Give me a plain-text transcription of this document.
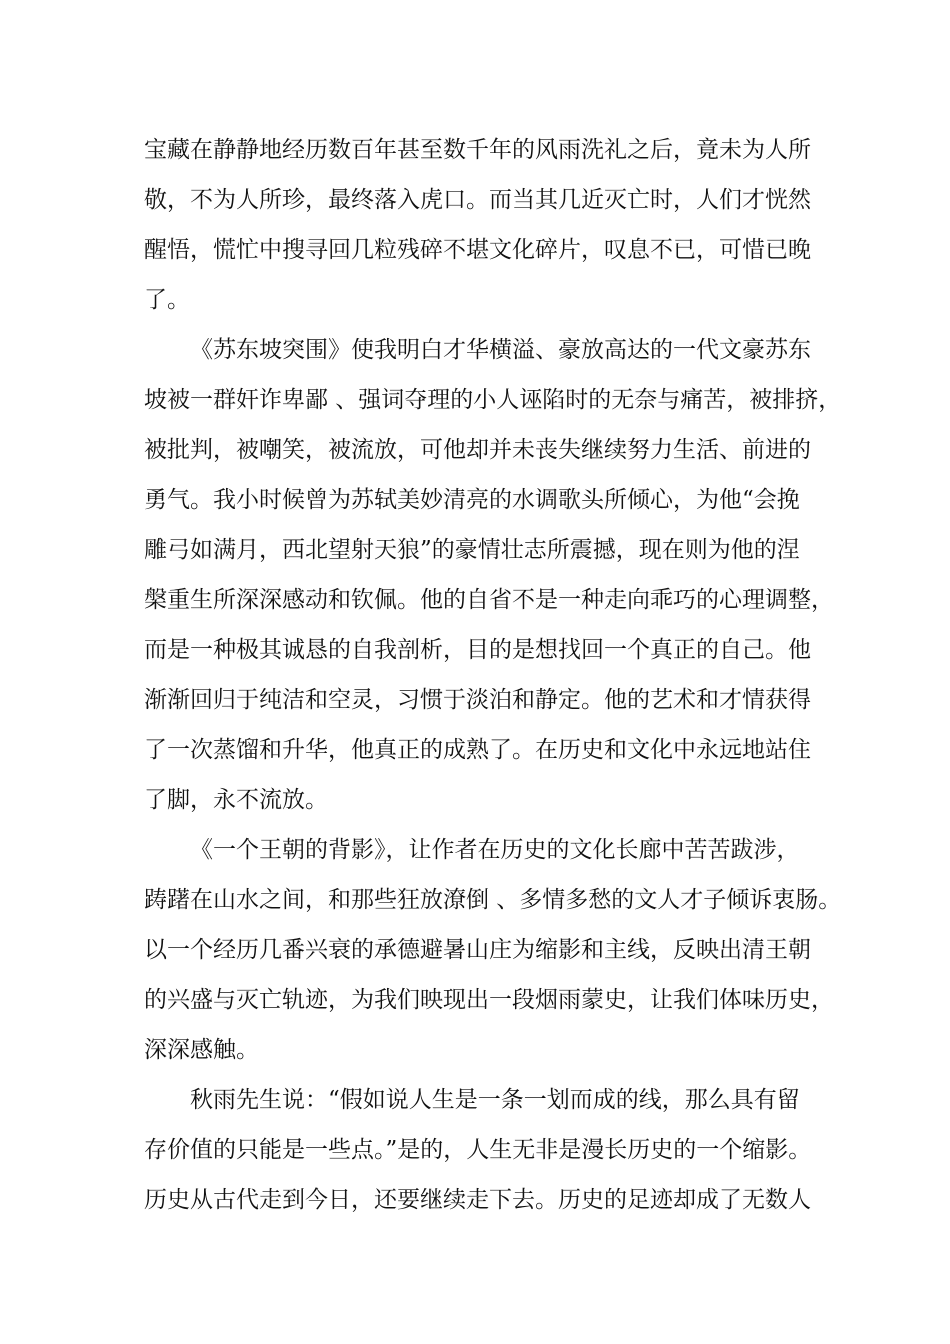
宝藏在静静地经历数百年甚至数千年的风雨洗礼之后，竟未为人所
敬，不为人所珍，最终落入虎口。而当其几近灭亡时，人们才恍然
醒悟，慌忙中搜寻回几粒残碎不堪文化碎片，叹息不已，可惜已晚
了。
《苏东坡突围》使我明白才华横溢、豪放高达的一代文豪苏东
坡被一群奸诈卑鄙 、强词夺理的小人诬陷时的无奈与痛苦，被排挤，
被批判，被嘲笑，被流放，可他却并未丧失继续努力生活、前进的
勇气。我小时候曾为苏轼美妙清亮的水调歌头所倾心，为他“会挽
雕弓如满月，西北望射天狼”的豪情壮志所震撼，现在则为他的涅
槃重生所深深感动和钦佩。他的自省不是一种走向乖巧的心理调整，
而是一种极其诚恳的自我剖析，目的是想找回一个真正的自己。他
渐渐回归于纯洁和空灵，习惯于淡泊和静定。他的艺术和才情获得
了一次蒸馏和升华，他真正的成熟了。在历史和文化中永远地站住
了脚，永不流放。
《一个王朝的背影》，让作者在历史的文化长廊中苦苦跋涉，
踌躇在山水之间，和那些狂放潦倒 、多情多愁的文人才子倾诉衷肠。
以一个经历几番兴衰的承德避暑山庄为缩影和主线，反映出清王朝
的兴盛与灭亡轨迹，为我们映现出一段烟雨蒙史，让我们体味历史，
深深感触。
秋雨先生说：“假如说人生是一条一划而成的线，那么具有留
存价值的只能是一些点。”是的，人生无非是漫长历史的一个缩影。
历史从古代走到今日，还要继续走下去。历史的足迹却成了无数人
